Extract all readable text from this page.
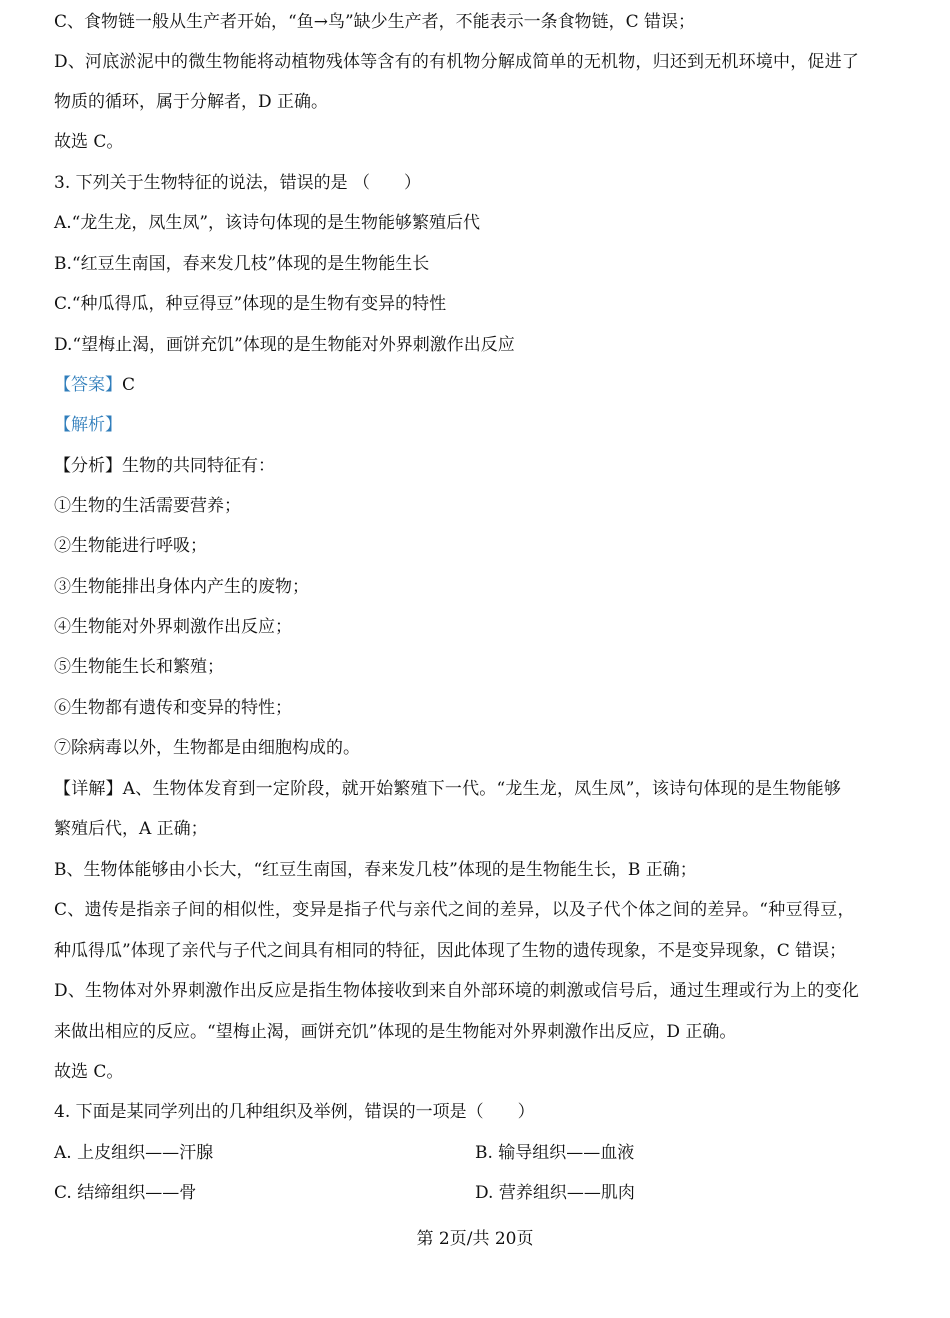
C、食物链一般从生产者开始，“鱼→鸟”缺少生产者，不能表示一条食物链，C 错误；
D、河底淤泥中的微生物能将动植物残体等含有的有机物分解成简单的无机物，归还到无机环境中，促进了
物质的循环，属于分解者，D 正确。
故选 C。
3. 下列关于生物特征的说法，错误的是 （　　）
A.“龙生龙，凤生凤”，该诗句体现的是生物能够繁殖后代
B.“红豆生南国，春来发几枝”体现的是生物能生长
C.“种瓜得瓜，种豆得豆”体现的是生物有变异的特性
D.“望梅止渴，画饼充饥”体现的是生物能对外界刺激作出反应
【答案】C
【解析】
【分析】生物的共同特征有：
①生物的生活需要营养；
②生物能进行呼吸；
③生物能排出身体内产生的废物；
④生物能对外界刺激作出反应；
⑤生物能生长和繁殖；
⑥生物都有遗传和变异的特性；
⑦除病毒以外，生物都是由细胞构成的。
【详解】A、生物体发育到一定阶段，就开始繁殖下一代。“龙生龙，凤生凤”，该诗句体现的是生物能够
繁殖后代，A 正确；
B、生物体能够由小长大，“红豆生南国，春来发几枝”体现的是生物能生长，B 正确；
C、遗传是指亲子间的相似性，变异是指子代与亲代之间的差异，以及子代个体之间的差异。“种豆得豆，
种瓜得瓜”体现了亲代与子代之间具有相同的特征，因此体现了生物的遗传现象，不是变异现象，C 错误；
D、生物体对外界刺激作出反应是指生物体接收到来自外部环境的刺激或信号后，通过生理或行为上的变化
来做出相应的反应。“望梅止渴，画饼充饥”体现的是生物能对外界刺激作出反应，D 正确。
故选 C。
4. 下面是某同学列出的几种组织及举例，错误的一项是（　　）
A. 上皮组织——汗腺	B. 输导组织——血液
C. 结缔组织——骨	D. 营养组织——肌肉
第 2页/共 20页
